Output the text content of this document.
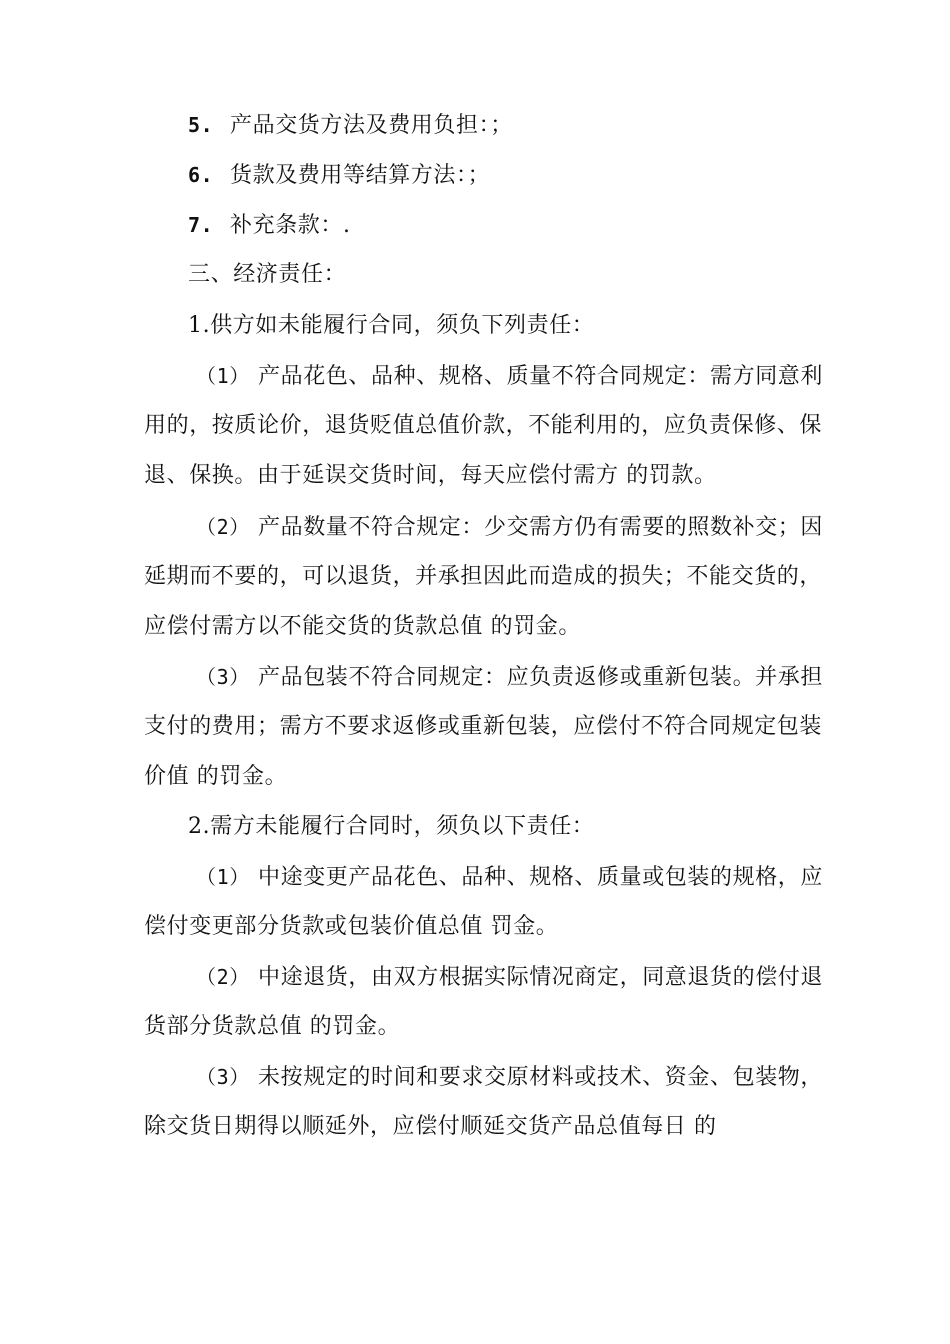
5. 产品交货方法及费用负担：；
6. 货款及费用等结算方法：；
7. 补充条款：.
三、经济责任：
1.供方如未能履行合同，须负下列责任：
（1） 产品花色、品种、规格、质量不符合同规定：需方同意利
用的，按质论价，退货贬值总值价款，不能利用的，应负责保修、保
退、保换。由于延误交货时间，每天应偿付需方 的罚款。
（2） 产品数量不符合规定：少交需方仍有需要的照数补交；因
延期而不要的，可以退货，并承担因此而造成的损失；不能交货的，
应偿付需方以不能交货的货款总值 的罚金。
（3） 产品包装不符合同规定：应负责返修或重新包装。并承担
支付的费用；需方不要求返修或重新包装，应偿付不符合同规定包装
价值 的罚金。
2.需方未能履行合同时，须负以下责任：
（1） 中途变更产品花色、品种、规格、质量或包装的规格，应
偿付变更部分货款或包装价值总值 罚金。
（2） 中途退货，由双方根据实际情况商定，同意退货的偿付退
货部分货款总值 的罚金。
（3） 未按规定的时间和要求交原材料或技术、资金、包装物，
除交货日期得以顺延外，应偿付顺延交货产品总值每日 的
